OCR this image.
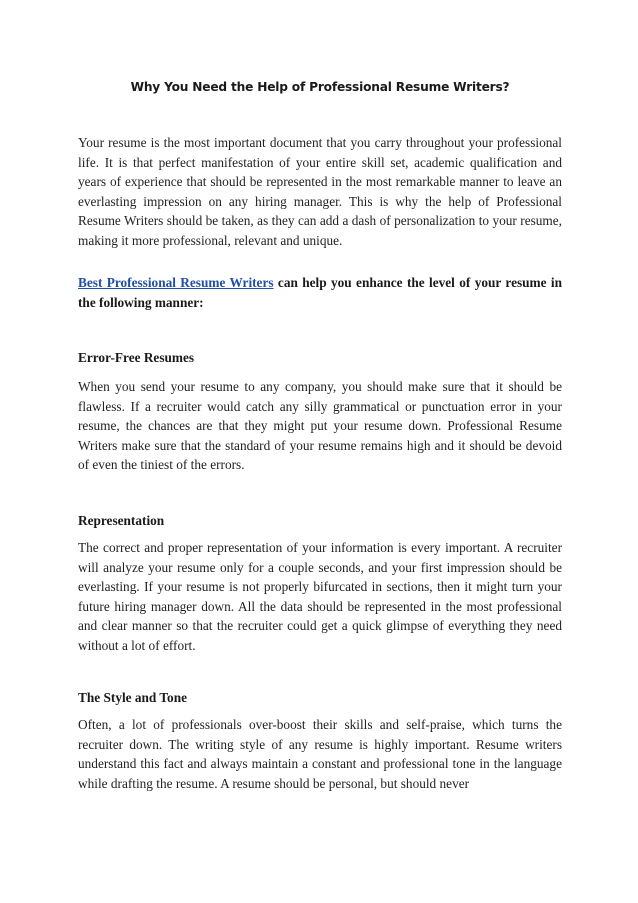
Why You Need the Help of Professional Resume Writers?

Your resume is the most important document that you carry throughout your professional life. It is that perfect manifestation of your entire skill set, academic qualification and years of experience that should be represented in the most remarkable manner to leave an everlasting impression on any hiring manager. This is why the help of Professional Resume Writers should be taken, as they can add a dash of personalization to your resume, making it more professional, relevant and unique.

Best Professional Resume Writers can help you enhance the level of your resume in the following manner:

Error-Free Resumes

When you send your resume to any company, you should make sure that it should be flawless. If a recruiter would catch any silly grammatical or punctuation error in your resume, the chances are that they might put your resume down. Professional Resume Writers make sure that the standard of your resume remains high and it should be devoid of even the tiniest of the errors.

Representation

The correct and proper representation of your information is every important. A recruiter will analyze your resume only for a couple seconds, and your first impression should be everlasting. If your resume is not properly bifurcated in sections, then it might turn your future hiring manager down. All the data should be represented in the most professional and clear manner so that the recruiter could get a quick glimpse of everything they need without a lot of effort.

The Style and Tone

Often, a lot of professionals over-boost their skills and self-praise, which turns the recruiter down. The writing style of any resume is highly important. Resume writers understand this fact and always maintain a constant and professional tone in the language while drafting the resume. A resume should be personal, but should never
